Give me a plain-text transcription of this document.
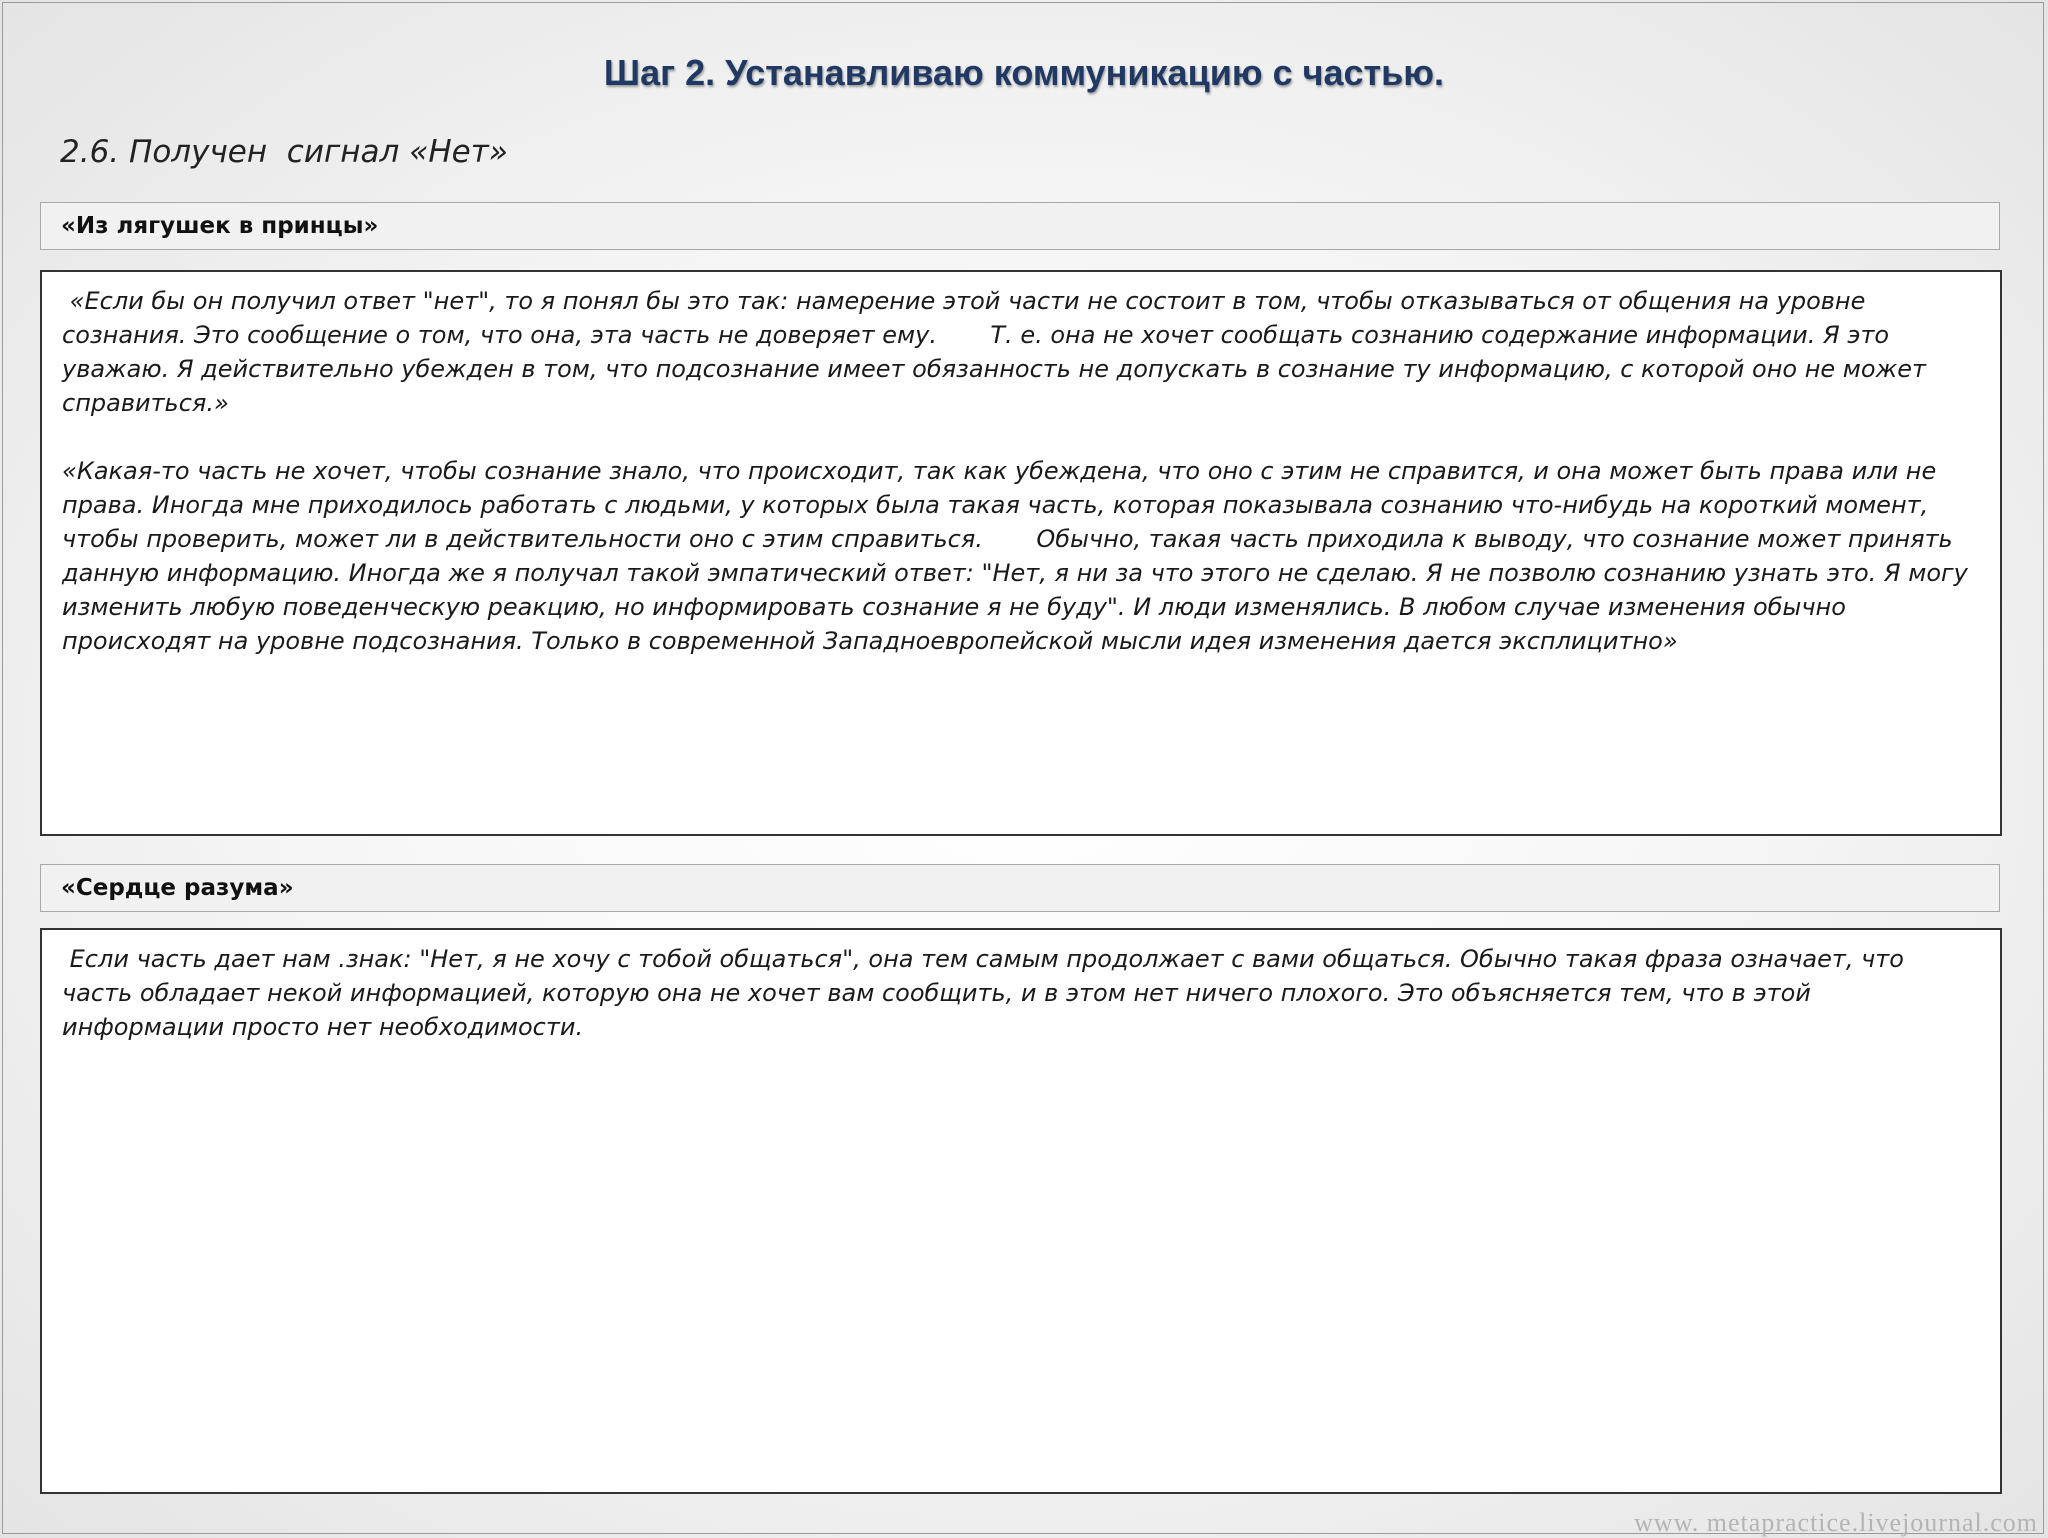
Шаг 2. Устанавливаю коммуникацию с частью.
2.6. Получен  сигнал «Нет»
«Из лягушек в принцы»

«Если бы он получил ответ "нет", то я понял бы это так: намерение этой части не состоит в том, чтобы отказываться от общения на уровне сознания. Это сообщение о том, что она, эта часть не доверяет ему.       Т. е. она не хочет сообщать сознанию содержание информации. Я это уважаю. Я действительно убежден в том, что подсознание имеет обязанность не допускать в сознание ту информацию, с которой оно не может справиться.»

«Какая-то часть не хочет, чтобы сознание знало, что происходит, так как убеждена, что оно с этим не справится, и она может быть права или не права. Иногда мне приходилось работать с людьми, у которых была такая часть, которая показывала сознанию что-нибудь на короткий момент, чтобы проверить, может ли в действительности оно с этим справиться.       Обычно, такая часть приходила к выводу, что сознание может принять данную информацию. Иногда же я получал такой эмпатический ответ: "Нет, я ни за что этого не сделаю. Я не позволю сознанию узнать это. Я могу изменить любую поведенческую реакцию, но информировать сознание я не буду". И люди изменялись. В любом случае изменения обычно происходят на уровне подсознания. Только в современной Западноевропейской мысли идея изменения дается эксплицитно»

«Сердце разума»

Если часть дает нам .знак: "Нет, я не хочу с тобой общаться", она тем самым продолжает с вами общаться. Обычно такая фраза означает, что часть обладает некой информацией, которую она не хочет вам сообщить, и в этом нет ничего плохого. Это объясняется тем, что в этой информации просто нет необходимости.

www. metapractice.livejournal.com
